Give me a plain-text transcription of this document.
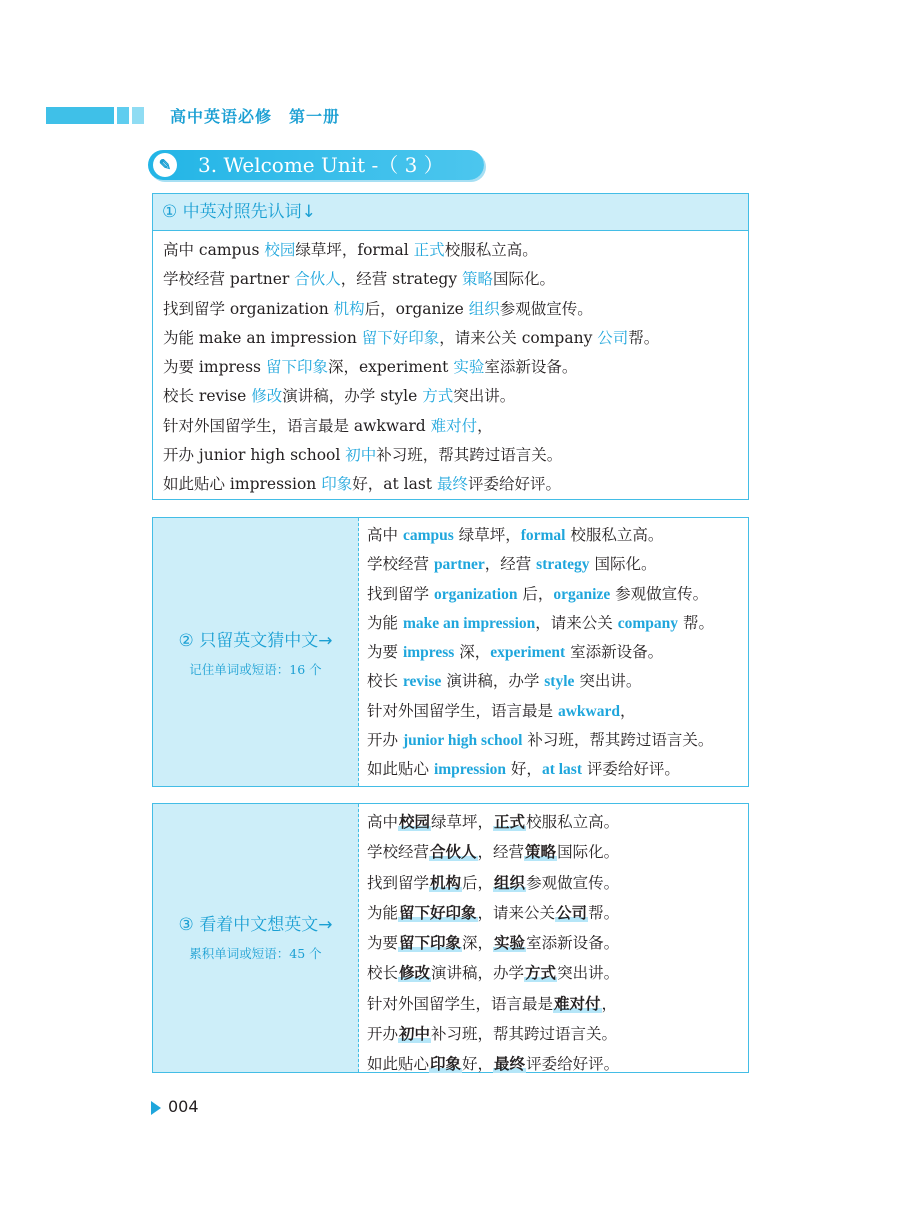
高中英语必修　第一册
✎ 3. Welcome Unit -（ 3 ）
① 中英对照先认词↓
高中 campus 校园绿草坪，formal 正式校服私立高。
学校经营 partner 合伙人，经营 strategy 策略国际化。
找到留学 organization 机构后，organize 组织参观做宣传。
为能 make an impression 留下好印象，请来公关 company 公司帮。
为要 impress 留下印象深，experiment 实验室添新设备。
校长 revise 修改演讲稿，办学 style 方式突出讲。
针对外国留学生，语言最是 awkward 难对付，
开办 junior high school 初中补习班，帮其跨过语言关。
如此贴心 impression 印象好，at last 最终评委给好评。
② 只留英文猜中文→
记住单词或短语：16 个
高中 campus 绿草坪，formal 校服私立高。
学校经营 partner，经营 strategy 国际化。
找到留学 organization 后，organize 参观做宣传。
为能 make an impression，请来公关 company 帮。
为要 impress 深，experiment 室添新设备。
校长 revise 演讲稿，办学 style 突出讲。
针对外国留学生，语言最是 awkward，
开办 junior high school 补习班，帮其跨过语言关。
如此贴心 impression 好，at last 评委给好评。
③ 看着中文想英文→
累积单词或短语：45 个
高中校园绿草坪，正式校服私立高。
学校经营合伙人，经营策略国际化。
找到留学机构后，组织参观做宣传。
为能留下好印象，请来公关公司帮。
为要留下印象深，实验室添新设备。
校长修改演讲稿，办学方式突出讲。
针对外国留学生，语言最是难对付，
开办初中补习班，帮其跨过语言关。
如此贴心印象好，最终评委给好评。
004
